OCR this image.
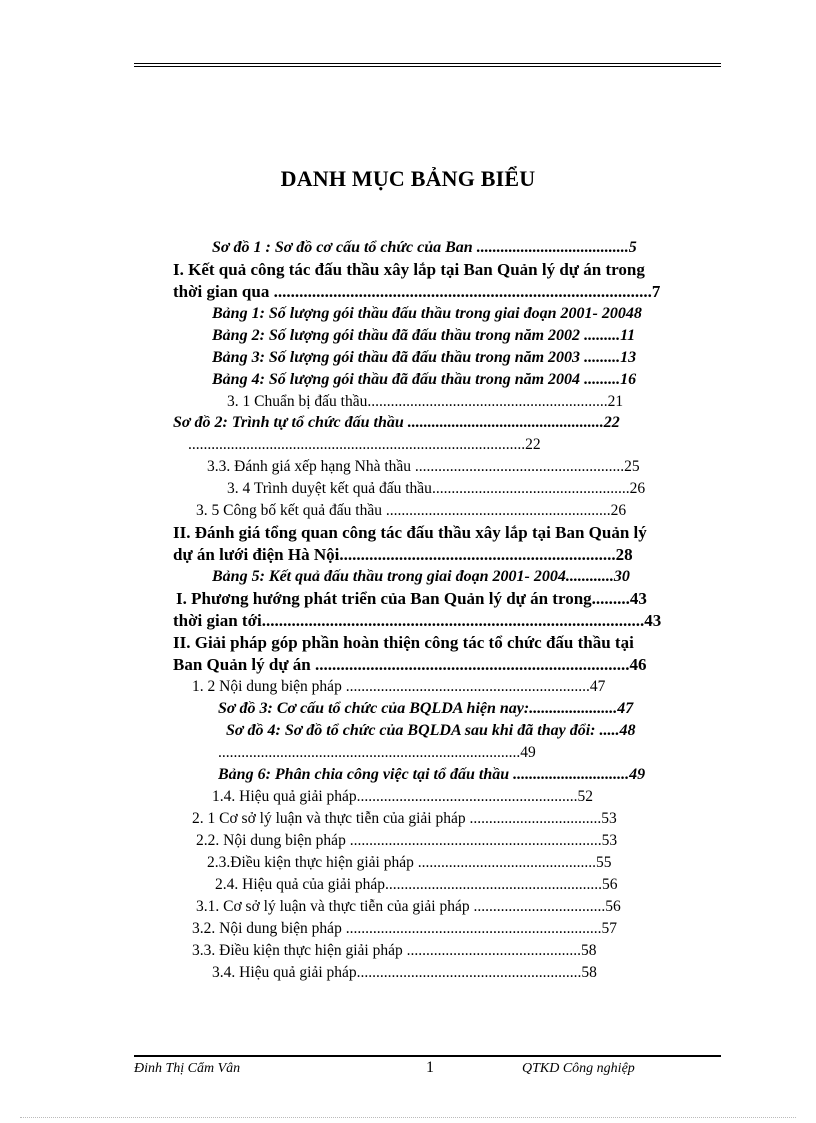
DANH MỤC BẢNG BIỂU
Sơ đồ 1 : Sơ đồ cơ cấu tổ chức của Ban ......................................5
I. Kết quả công tác đấu thầu xây lắp tại Ban Quản lý dự án trong
thời gian qua .........................................................................................7
Bảng 1: Số lượng gói thầu đấu thầu trong giai đoạn 2001- 20048
Bảng 2: Số lượng gói thầu đã đấu thầu trong năm 2002 .........11
Bảng 3: Số lượng gói thầu đã đấu thầu trong năm 2003 .........13
Bảng 4: Số lượng gói thầu đã đấu thầu trong năm 2004 .........16
3. 1 Chuẩn bị đấu thầu..............................................................21
Sơ đồ 2: Trình tự tổ chức đấu thầu .................................................22
.......................................................................................22
3.3. Đánh giá xếp hạng Nhà thầu ......................................................25
3. 4 Trình duyệt kết quả đấu thầu...................................................26
3. 5 Công bố kết quả đấu thầu ..........................................................26
II. Đánh giá tổng quan công tác đấu thầu xây lắp tại Ban Quản lý
dự án lưới điện Hà Nội.................................................................28
Bảng 5: Kết quả đấu thầu trong giai đoạn 2001- 2004............30
I. Phương hướng phát triển của Ban Quản lý dự án trong.........43
thời gian tới..........................................................................................43
II. Giải pháp góp phần hoàn thiện công tác tổ chức đấu thầu tại
Ban Quản lý dự án ..........................................................................46
1. 2 Nội dung biện pháp ...............................................................47
Sơ đồ 3: Cơ cấu tổ chức của BQLDA hiện nay:......................47
Sơ đồ 4: Sơ đồ tổ chức của BQLDA sau khi đã thay đổi: .....48
..............................................................................49
Bảng 6: Phân chia công việc tại tổ đấu thầu .............................49
1.4. Hiệu quả giải pháp.........................................................52
2. 1 Cơ sở lý luận và thực tiễn của giải pháp ..................................53
2.2. Nội dung biện pháp .................................................................53
2.3.Điều kiện thực hiện giải pháp ..............................................55
2.4. Hiệu quả của giải pháp........................................................56
3.1. Cơ sở lý luận và thực tiễn của giải pháp ..................................56
3.2. Nội dung biện pháp ..................................................................57
3.3. Điều kiện thực hiện giải pháp .............................................58
3.4. Hiệu quả giải pháp..........................................................58
Đinh Thị Cẩm Vân	1	QTKD Công nghiệp
